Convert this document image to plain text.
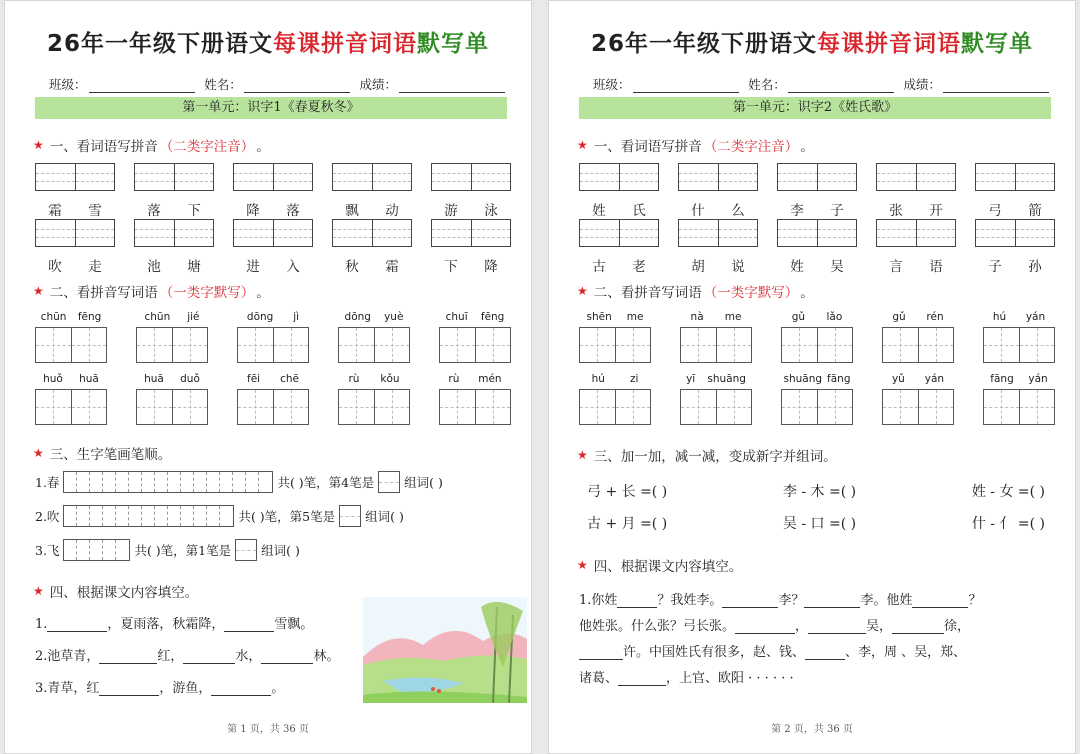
26年一年级下册语文每课拼音词语默写单
班级：	姓名：	成绩：
第一单元：识字1《春夏秋冬》
★ 一、看词语写拼音 （二类字注音） 。
霜 雪	落 下	降 落	飘 动	游 泳
吹 走	池 塘	进 入	秋 霜	下 降
★ 二、看拼音写词语 （一类字默写） 。
chūn fēng	chūn jié	dōng jì	dōng yuè	chuī fēng
huǒ huā	huā duǒ	fēi chē	rù kǒu	rù mén
★ 三、生字笔画笔顺。
1.春	共( )笔，第4笔是 组词( )
2.吹	共( )笔，第5笔是 组词( )
3.飞	共( )笔，第1笔是 组词( )
★ 四、根据课文内容填空。
1.	，夏雨落，秋霜降，	雪飘。
2.池草青，	红，	水，	林。
3.青草，红	，游鱼，	。
第 1 页，共 36 页
26年一年级下册语文每课拼音词语默写单
班级：	姓名：	成绩：
第一单元：识字2《姓氏歌》
★ 一、看词语写拼音 （二类字注音） 。
姓 氏	什 么	李 子	张 开	弓 箭
古 老	胡 说	姓 吴	言 语	子 孙
★ 二、看拼音写词语 （一类字默写） 。
shēn me	nà me	gǔ lǎo	gǔ rén	hú yán
hú zi	yī shuāng	shuāng fāng	yǔ yán	fāng yán
★ 三、加一加，减一减，变成新字并组词。
弓 + 长 =( )	李 - 木 =( )	姓 - 女 =( )
古 + 月 =( )	吴 - 口 =( )	什 - 亻 =( )
★ 四、根据课文内容填空。
1.你姓	？我姓李。	李？	李。他姓	？
他姓张。什么张？弓长张。	，	吴，	徐，
许。中国姓氏有很多，赵、钱、	、李，周 、吴，郑、
诸葛、	，上官、欧阳 · · · · · ·
第 2 页，共 36 页
